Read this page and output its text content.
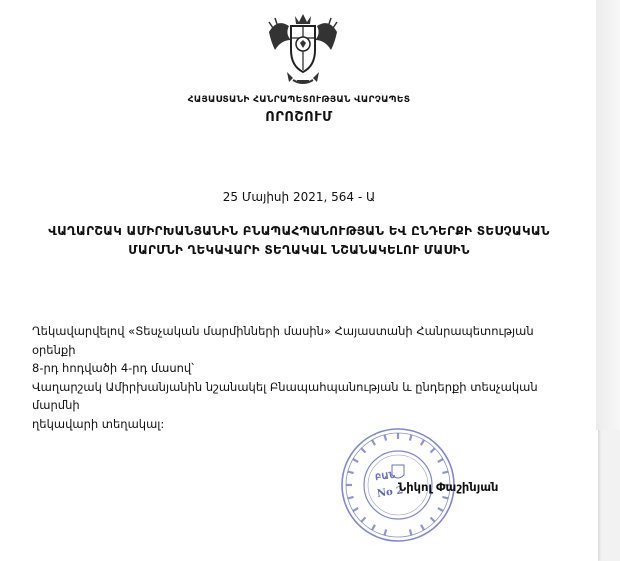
ՀԱՅԱՍՏԱՆԻ ՀԱՆՐԱՊԵՏՈՒԹՅԱՆ ՎԱՐՉԱՊԵՏ
ՈՐՈՇՈՒՄ
25 Մայիսի 2021, 564 - Ա
ՎԱՂԱՐՇԱԿ ԱՄԻՐԽԱՆՅԱՆԻՆ ԲՆԱՊԱՀՊԱՆՈՒԹՅԱՆ ԵՎ ԸՆԴԵՐՔԻ ՏԵՍՉԱԿԱՆ
ՄԱՐՄՆԻ ՂԵԿԱՎԱՐԻ ՏԵՂԱԿԱԼ ՆՇԱՆԱԿԵԼՈՒ ՄԱՍԻՆ

Ղեկավարվելով «Տեսչական մարմինների մասին» Հայաստանի Հանրապետության օրենքի

8-րդ հոդվածի 4-րդ մասով՝

Վաղարշակ Ամիրխանյանին նշանակել Բնապահպանության և ընդերքի տեսչական մարմնի

ղեկավարի տեղակալ:

ԲԱՆ
No 2
Նիկոլ Փաշինյան
